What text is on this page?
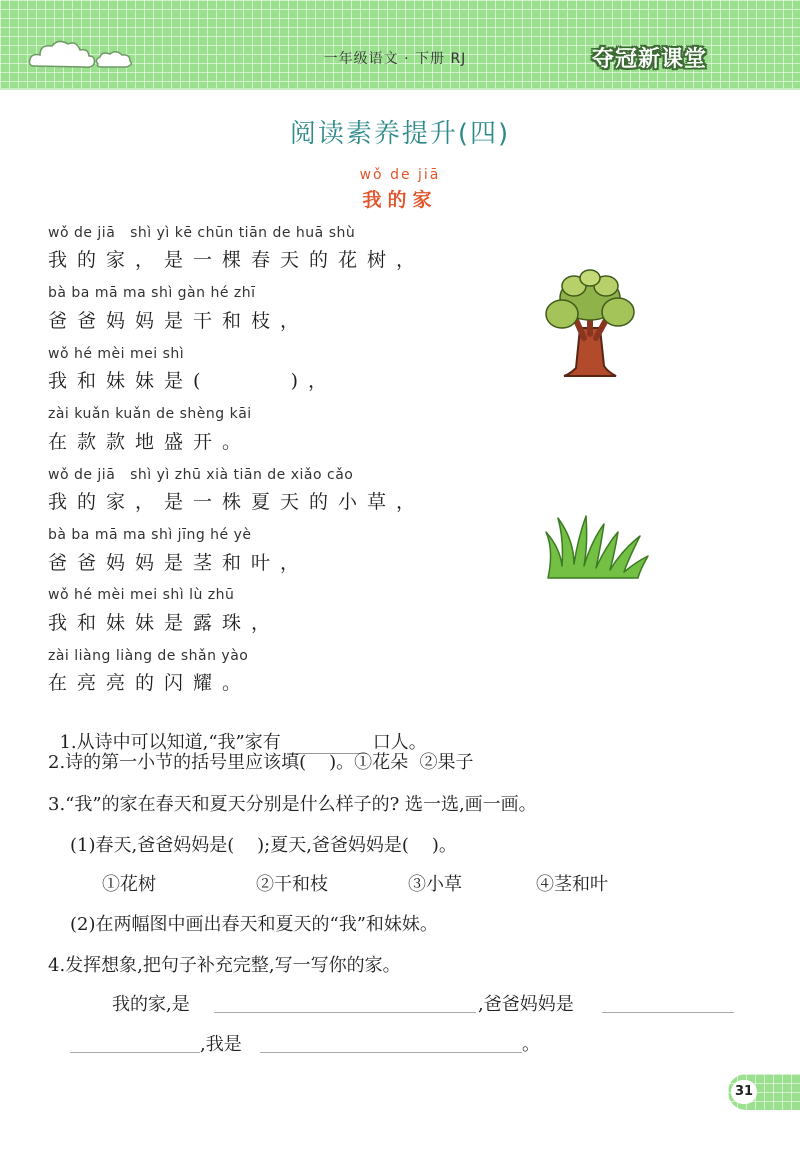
一年级语文 · 下册 RJ	夺冠新课堂
阅读素养提升(四)
wǒ de jiā
我的家
wǒ de jiā   shì yì kē chūn tiān de huā shù
我的家，是一棵春天的花树，
bà ba mā ma shì gàn hé zhī
爸爸妈妈是干和枝，
wǒ hé mèi mei shì
我和妹妹是(     )，
zài kuǎn kuǎn de shèng kāi
在款款地盛开。
wǒ de jiā   shì yì zhū xià tiān de xiǎo cǎo
我的家，是一株夏天的小草，
bà ba mā ma shì jīng hé yè
爸爸妈妈是茎和叶，
wǒ hé mèi mei shì lù zhū
我和妹妹是露珠，
zài liàng liàng de shǎn yào
在亮亮的闪耀。

1.从诗中可以知道,“我”家有	口人。

2.诗的第一小节的括号里应该填(    )。①花朵  ②果子
3.“我”的家在春天和夏天分别是什么样子的? 选一选,画一画。
(1)春天,爸爸妈妈是(    );夏天,爸爸妈妈是(    )。
①花树	②干和枝	③小草	④茎和叶
(2)在两幅图中画出春天和夏天的“我”和妹妹。
4.发挥想象,把句子补充完整,写一写你的家。
我的家,是	,爸爸妈妈是
,我是	。
31
